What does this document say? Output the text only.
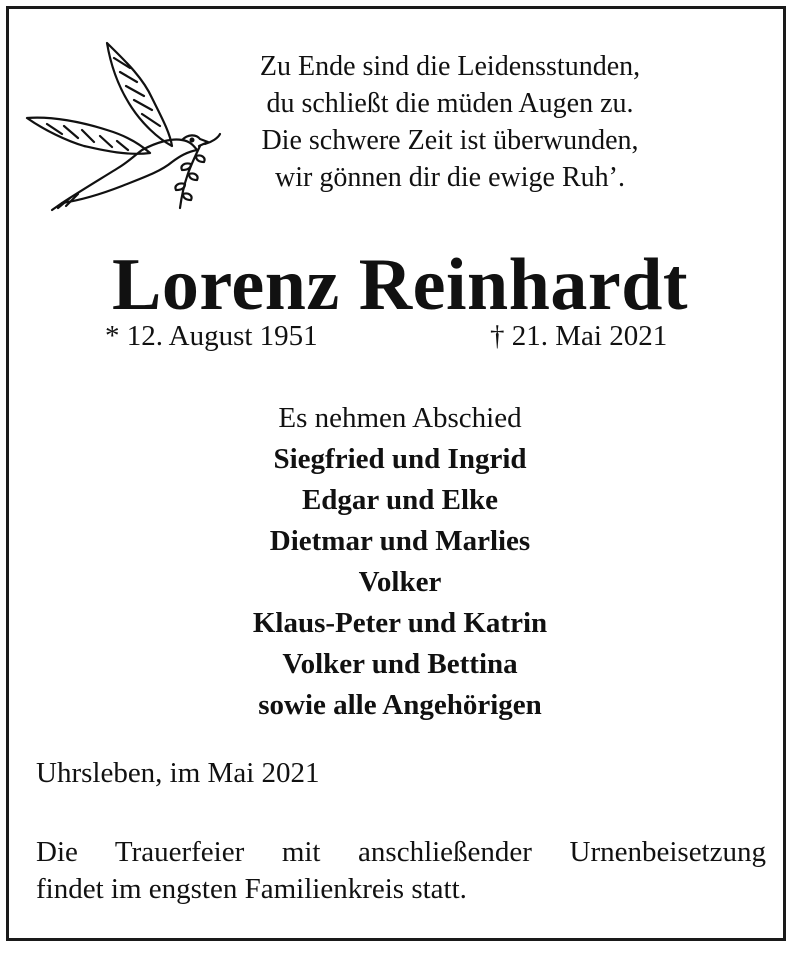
Zu Ende sind die Leidensstunden,
du schließt die müden Augen zu.
Die schwere Zeit ist überwunden,
wir gönnen dir die ewige Ruh’.
Lorenz Reinhardt
* 12. August 1951	† 21. Mai 2021
Es nehmen Abschied
Siegfried und Ingrid
Edgar und Elke
Dietmar und Marlies
Volker
Klaus-Peter und Katrin
Volker und Bettina
sowie alle Angehörigen
Uhrsleben, im Mai 2021
Die Trauerfeier mit anschließender Urnenbeisetzung
findet im engsten Familienkreis statt.
